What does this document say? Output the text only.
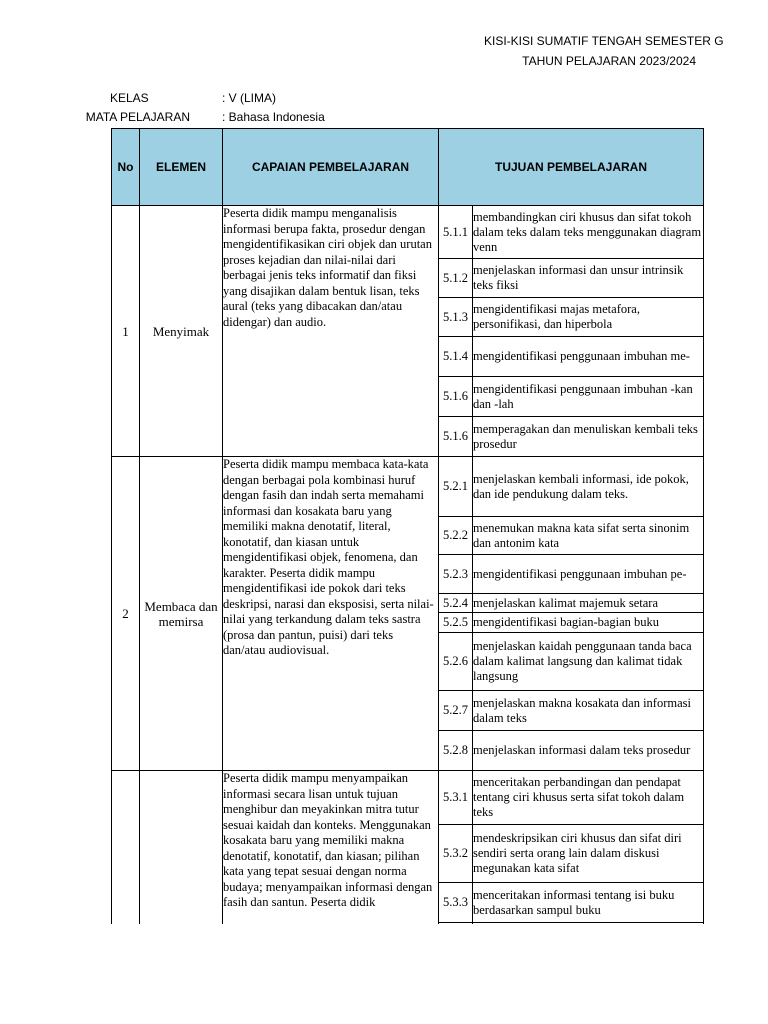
KISI-KISI SUMATIF TENGAH SEMESTER G
TAHUN PELAJARAN 2023/2024
KELAS	: V (LIMA)
MATA PELAJARAN	: Bahasa Indonesia
No	ELEMEN	CAPAIAN PEMBELAJARAN	TUJUAN PEMBELAJARAN	
1	Menyimak	Peserta didik mampu menganalisis informasi berupa fakta, prosedur dengan mengidentifikasikan ciri objek dan urutan proses kejadian dan nilai-nilai dari berbagai jenis teks informatif dan fiksi yang disajikan dalam bentuk lisan, teks aural (teks yang dibacakan dan/atau didengar) dan audio.	5.1.1	membandingkan ciri khusus dan sifat tokoh dalam teks dalam teks menggunakan diagram venn
			5.1.2	menjelaskan informasi dan unsur intrinsik teks fiksi
			5.1.3	mengidentifikasi majas metafora, personifikasi, dan hiperbola
			5.1.4	mengidentifikasi penggunaan imbuhan me-
			5.1.6	mengidentifikasi penggunaan imbuhan -kan dan -lah
			5.1.6	memperagakan dan menuliskan kembali teks prosedur
2	Membaca dan memirsa	Peserta didik mampu membaca kata-kata dengan berbagai pola kombinasi huruf dengan fasih dan indah serta memahami informasi dan kosakata baru yang memiliki makna denotatif, literal, konotatif, dan kiasan untuk mengidentifikasi objek, fenomena, dan karakter. Peserta didik mampu mengidentifikasi ide pokok dari teks deskripsi, narasi dan eksposisi, serta nilai-nilai yang terkandung dalam teks sastra (prosa dan pantun, puisi) dari teks dan/atau audiovisual.	5.2.1	menjelaskan kembali informasi, ide pokok, dan ide pendukung dalam teks.
			5.2.2	menemukan makna kata sifat serta sinonim dan antonim kata
			5.2.3	mengidentifikasi penggunaan imbuhan pe-
			5.2.4	menjelaskan kalimat majemuk setara
			5.2.5	mengidentifikasi bagian-bagian buku
			5.2.6	menjelaskan kaidah penggunaan tanda baca dalam kalimat langsung dan kalimat tidak langsung
			5.2.7	menjelaskan makna kosakata dan informasi dalam teks
			5.2.8	menjelaskan informasi dalam teks prosedur
		Peserta didik mampu menyampaikan informasi secara lisan untuk tujuan menghibur dan meyakinkan mitra tutur sesuai kaidah dan konteks. Menggunakan kosakata baru yang memiliki makna denotatif, konotatif, dan kiasan; pilihan kata yang tepat sesuai dengan norma budaya; menyampaikan informasi dengan fasih dan santun. Peserta didik	5.3.1	menceritakan perbandingan dan pendapat tentang ciri khusus serta sifat tokoh dalam teks
			5.3.2	mendeskripsikan ciri khusus dan sifat diri sendiri serta orang lain dalam diskusi megunakan kata sifat
			5.3.3	menceritakan informasi tentang isi buku berdasarkan sampul buku
